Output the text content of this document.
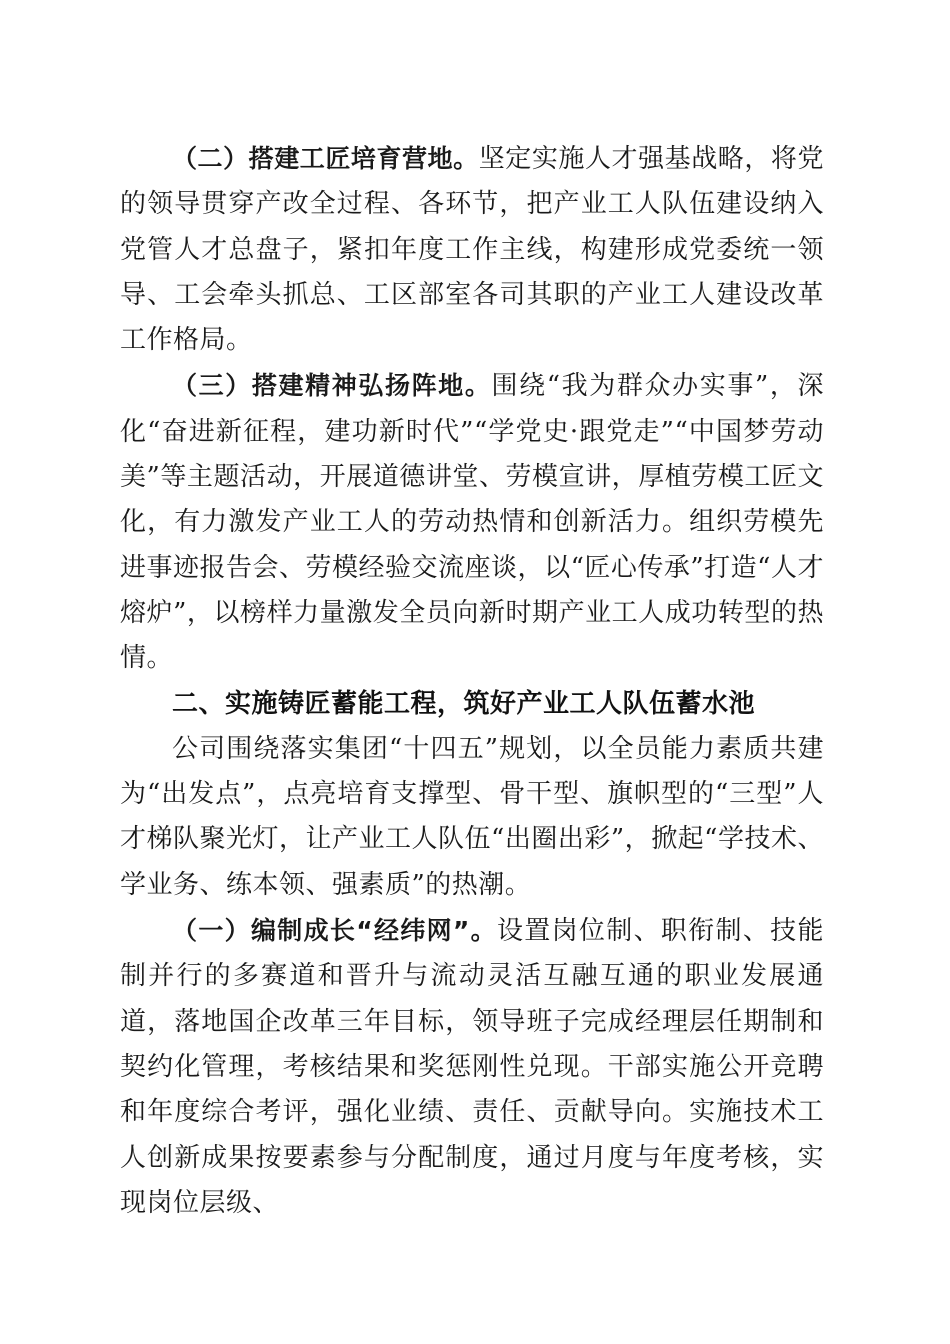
（二）搭建工匠培育营地。坚定实施人才强基战略，将党的领导贯穿产改全过程、各环节，把产业工人队伍建设纳入党管人才总盘子，紧扣年度工作主线，构建形成党委统一领导、工会牵头抓总、工区部室各司其职的产业工人建设改革工作格局。

（三）搭建精神弘扬阵地。围绕“我为群众办实事”，深化“奋进新征程，建功新时代”“学党史·跟党走”“中国梦劳动美”等主题活动，开展道德讲堂、劳模宣讲，厚植劳模工匠文化，有力激发产业工人的劳动热情和创新活力。组织劳模先进事迹报告会、劳模经验交流座谈，以“匠心传承”打造“人才熔炉”，以榜样力量激发全员向新时期产业工人成功转型的热情。

二、实施铸匠蓄能工程，筑好产业工人队伍蓄水池

公司围绕落实集团“十四五”规划，以全员能力素质共建为“出发点”，点亮培育支撑型、骨干型、旗帜型的“三型”人才梯队聚光灯，让产业工人队伍“出圈出彩”，掀起“学技术、学业务、练本领、强素质”的热潮。

（一）编制成长“经纬网”。设置岗位制、职衔制、技能制并行的多赛道和晋升与流动灵活互融互通的职业发展通道，落地国企改革三年目标，领导班子完成经理层任期制和契约化管理，考核结果和奖惩刚性兑现。干部实施公开竞聘和年度综合考评，强化业绩、责任、贡献导向。实施技术工人创新成果按要素参与分配制度，通过月度与年度考核，实现岗位层级、
